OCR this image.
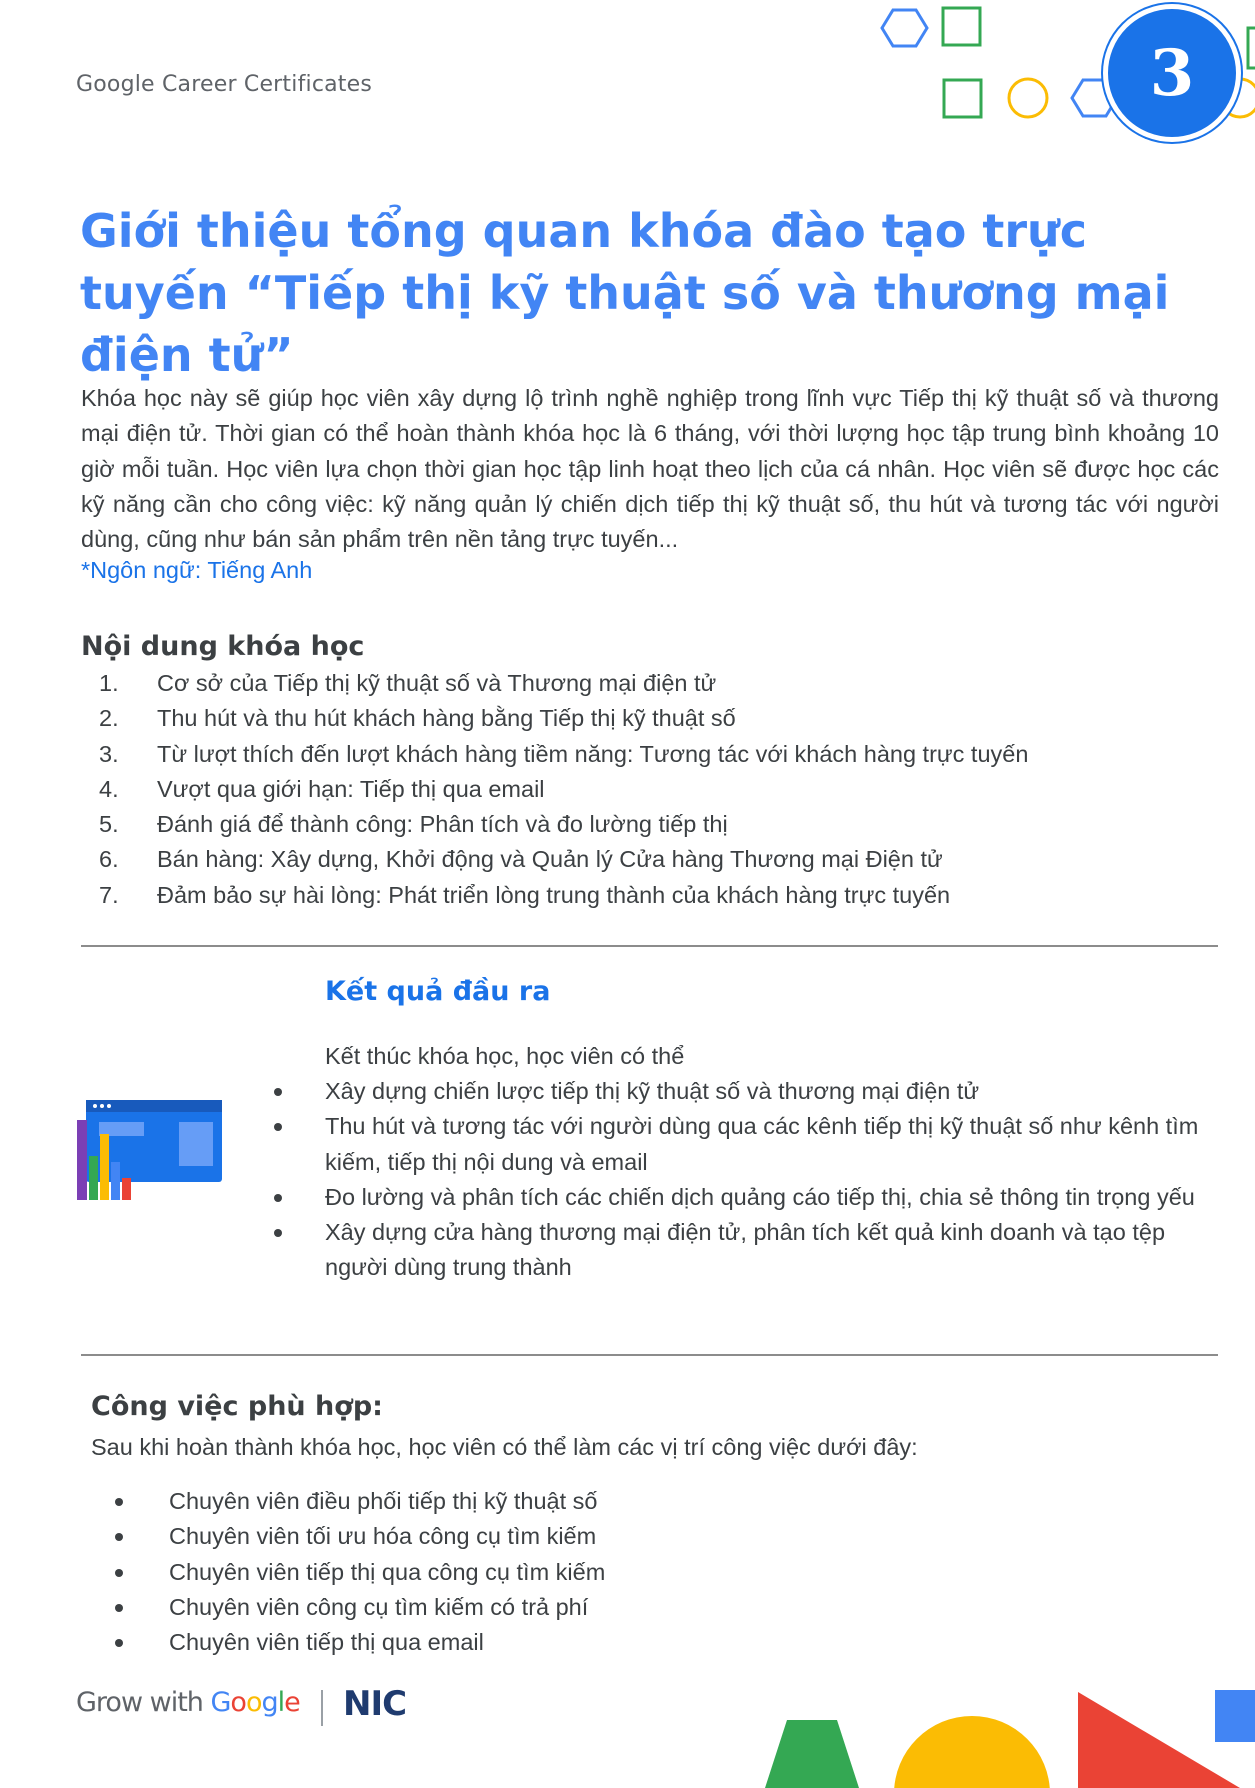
Google Career Certificates	3
Giới thiệu tổng quan khóa đào tạo trực tuyến “Tiếp thị kỹ thuật số và thương mại điện tử”

Khóa học này sẽ giúp học viên xây dựng lộ trình nghề nghiệp trong lĩnh vực Tiếp thị kỹ thuật số và thương mại điện tử. Thời gian có thể hoàn thành khóa học là 6 tháng, với thời lượng học tập trung bình khoảng 10 giờ mỗi tuần. Học viên lựa chọn thời gian học tập linh hoạt theo lịch của cá nhân. Học viên sẽ được học các kỹ năng cần cho công việc: kỹ năng quản lý chiến dịch tiếp thị kỹ thuật số, thu hút và tương tác với người dùng, cũng như bán sản phẩm trên nền tảng trực tuyến...

*Ngôn ngữ: Tiếng Anh
Nội dung khóa học
1. Cơ sở của Tiếp thị kỹ thuật số và Thương mại điện tử
2. Thu hút và thu hút khách hàng bằng Tiếp thị kỹ thuật số
3. Từ lượt thích đến lượt khách hàng tiềm năng: Tương tác với khách hàng trực tuyến
4. Vượt qua giới hạn: Tiếp thị qua email
5. Đánh giá để thành công: Phân tích và đo lường tiếp thị
6. Bán hàng: Xây dựng, Khởi động và Quản lý Cửa hàng Thương mại Điện tử
7. Đảm bảo sự hài lòng: Phát triển lòng trung thành của khách hàng trực tuyến
Kết quả đầu ra
Kết thúc khóa học, học viên có thể
Xây dựng chiến lược tiếp thị kỹ thuật số và thương mại điện tử
Thu hút và tương tác với người dùng qua các kênh tiếp thị kỹ thuật số như kênh tìm kiếm, tiếp thị nội dung và email
Đo lường và phân tích các chiến dịch quảng cáo tiếp thị, chia sẻ thông tin trọng yếu
Xây dựng cửa hàng thương mại điện tử, phân tích kết quả kinh doanh và tạo tệp người dùng trung thành
Công việc phù hợp:
Sau khi hoàn thành khóa học, học viên có thể làm các vị trí công việc dưới đây:
Chuyên viên điều phối tiếp thị kỹ thuật số
Chuyên viên tối ưu hóa công cụ tìm kiếm
Chuyên viên tiếp thị qua công cụ tìm kiếm
Chuyên viên công cụ tìm kiếm có trả phí
Chuyên viên tiếp thị qua email
Grow with Google NIC
